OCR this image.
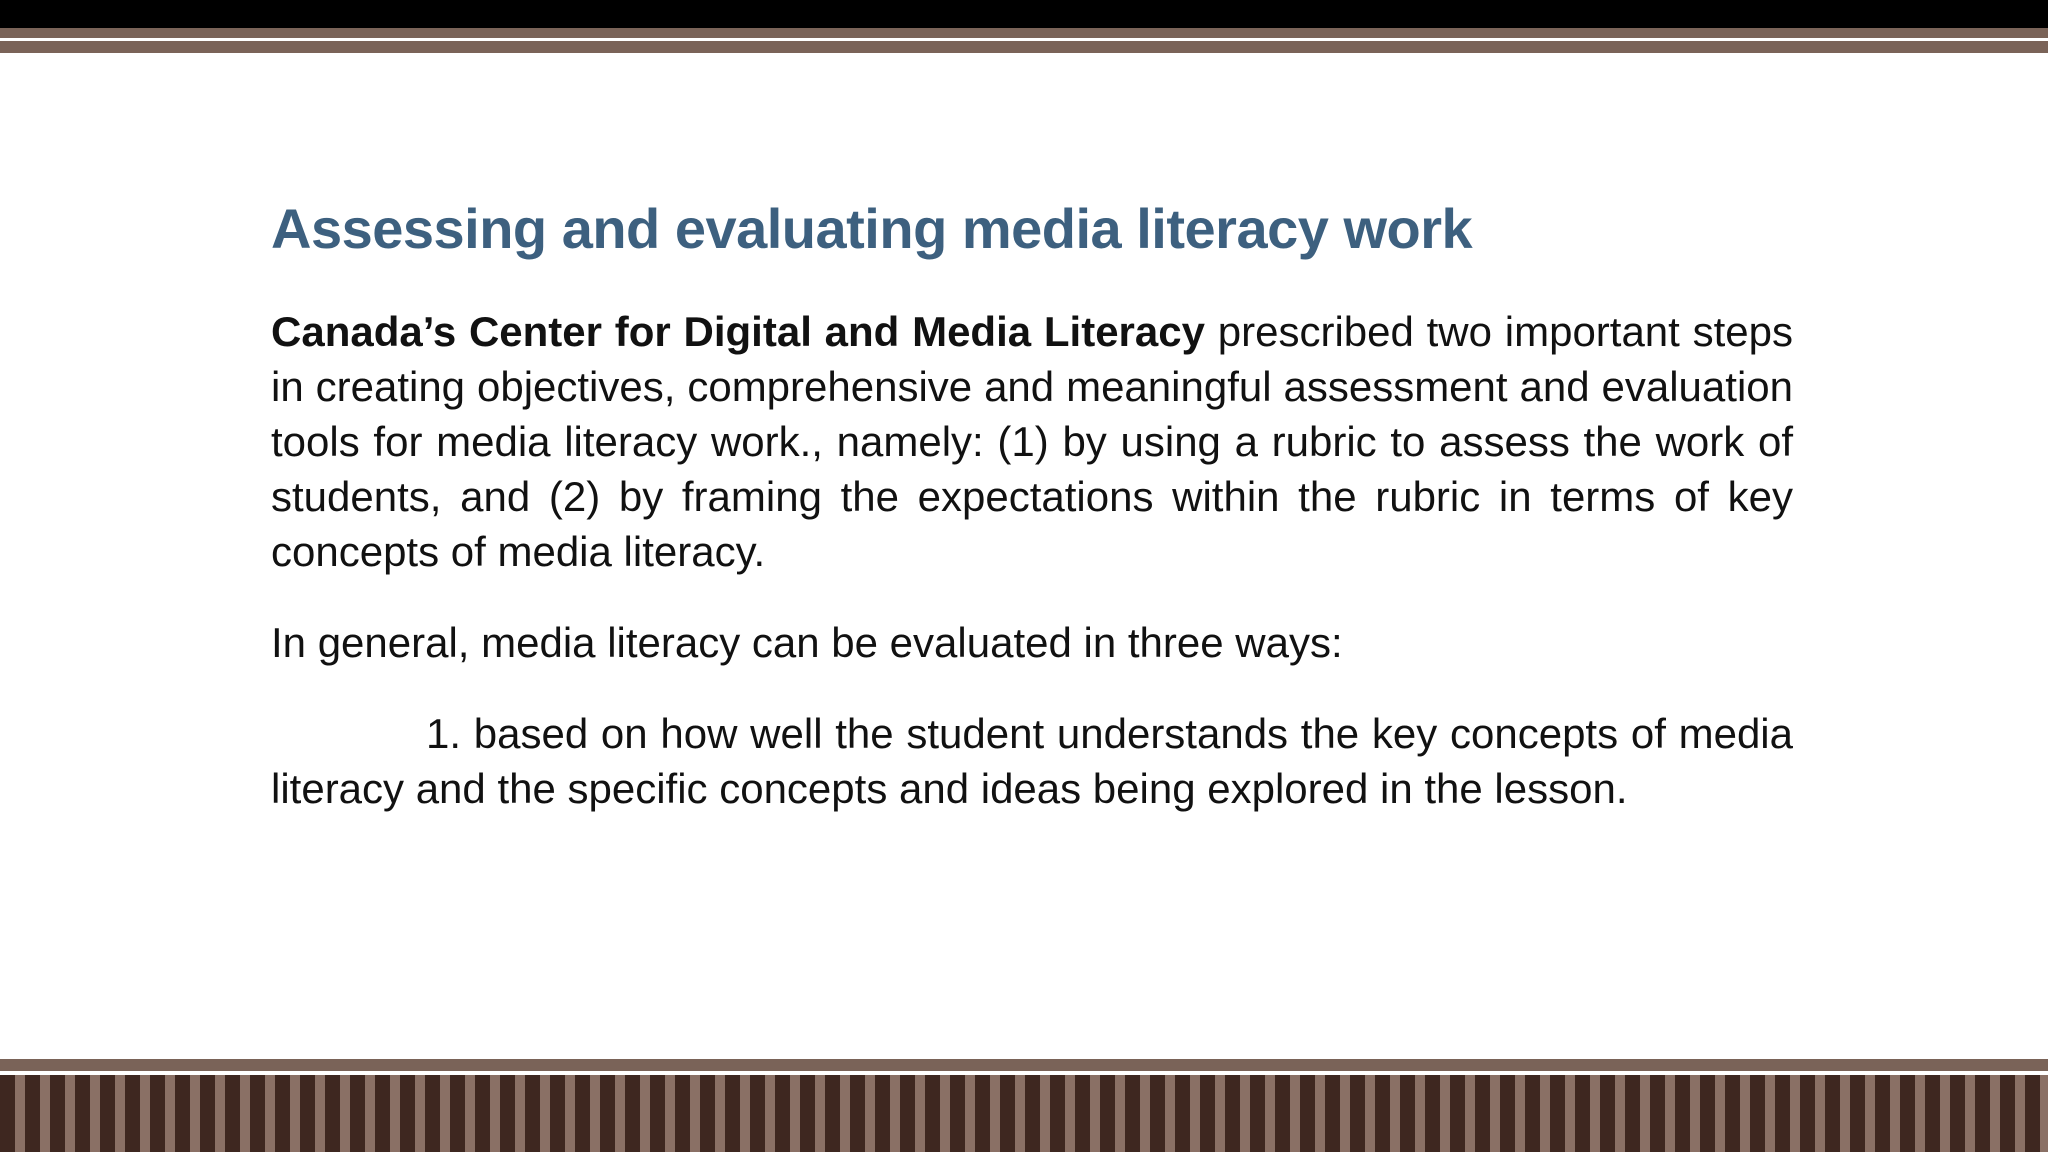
Assessing and evaluating media literacy work

Canada’s Center for Digital and Media Literacy prescribed two important steps in creating objectives, comprehensive and meaningful assessment and evaluation tools for media literacy work., namely: (1) by using a rubric to assess the work of students, and (2) by framing the expectations within the rubric in terms of key concepts of media literacy.

In general, media literacy can be evaluated in three ways:

1. based on how well the student understands the key concepts of media literacy and the specific concepts and ideas being explored in the lesson.
